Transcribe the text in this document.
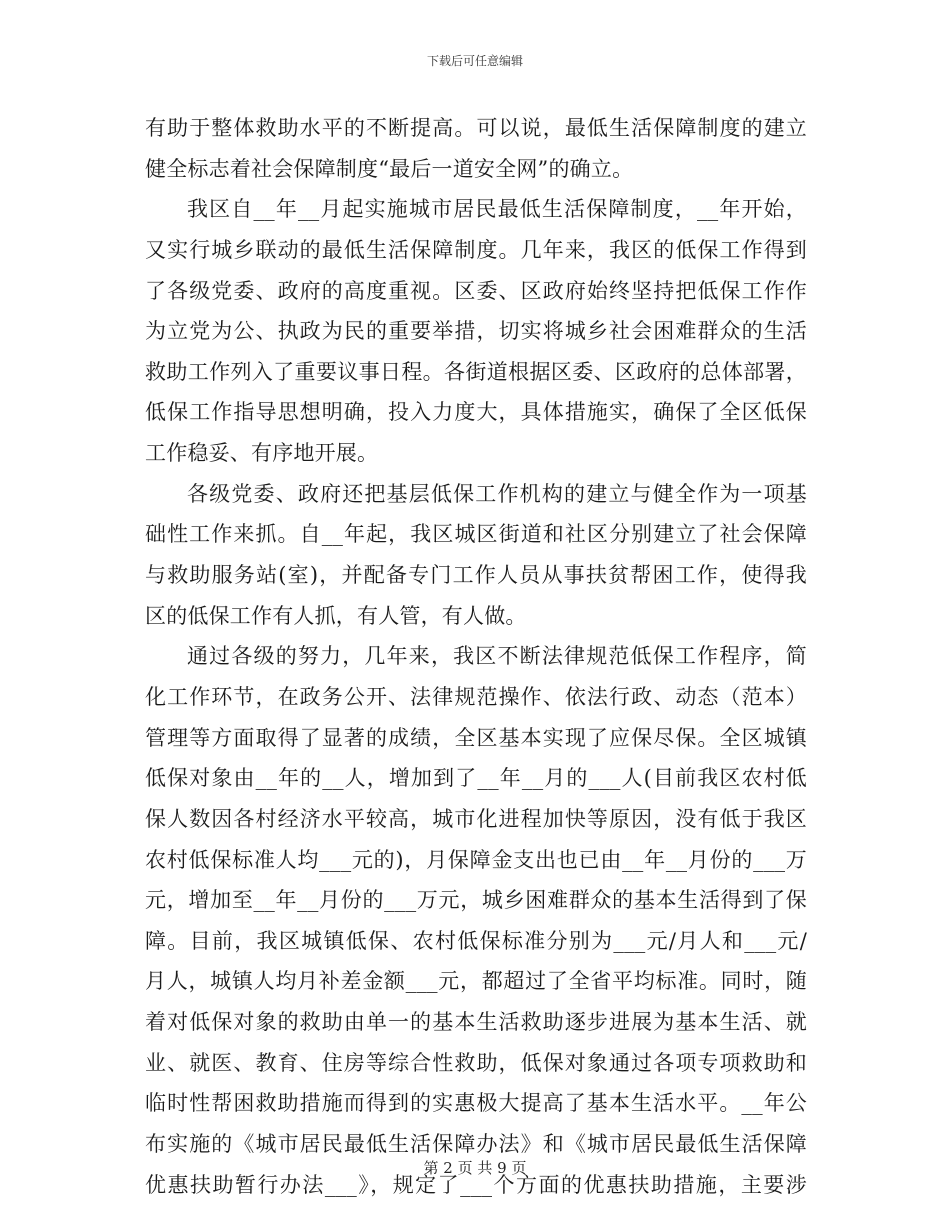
下载后可任意编辑
有助于整体救助水平的不断提高。可以说，最低生活保障制度的建立
健全标志着社会保障制度“最后一道安全网”的确立。
我区自__年__月起实施城市居民最低生活保障制度，__年开始，
又实行城乡联动的最低生活保障制度。几年来，我区的低保工作得到
了各级党委、政府的高度重视。区委、区政府始终坚持把低保工作作
为立党为公、执政为民的重要举措，切实将城乡社会困难群众的生活
救助工作列入了重要议事日程。各街道根据区委、区政府的总体部署，
低保工作指导思想明确，投入力度大，具体措施实，确保了全区低保
工作稳妥、有序地开展。
各级党委、政府还把基层低保工作机构的建立与健全作为一项基
础性工作来抓。自__年起，我区城区街道和社区分别建立了社会保障
与救助服务站(室)，并配备专门工作人员从事扶贫帮困工作，使得我
区的低保工作有人抓，有人管，有人做。
通过各级的努力，几年来，我区不断法律规范低保工作程序，简
化工作环节，在政务公开、法律规范操作、依法行政、动态（范本）
管理等方面取得了显著的成绩，全区基本实现了应保尽保。全区城镇
低保对象由__年的__人，增加到了__年__月的___人(目前我区农村低
保人数因各村经济水平较高，城市化进程加快等原因，没有低于我区
农村低保标准人均___元的)，月保障金支出也已由__年__月份的___万
元，增加至__年__月份的___万元，城乡困难群众的基本生活得到了保
障。目前，我区城镇低保、农村低保标准分别为___元/月人和___元/
月人，城镇人均月补差金额___元，都超过了全省平均标准。同时，随
着对低保对象的救助由单一的基本生活救助逐步进展为基本生活、就
业、就医、教育、住房等综合性救助，低保对象通过各项专项救助和
临时性帮困救助措施而得到的实惠极大提高了基本生活水平。__年公
布实施的《城市居民最低生活保障办法》和《城市居民最低生活保障
优惠扶助暂行办法___》，规定了___个方面的优惠扶助措施，主要涉
第 2 页 共 9 页
